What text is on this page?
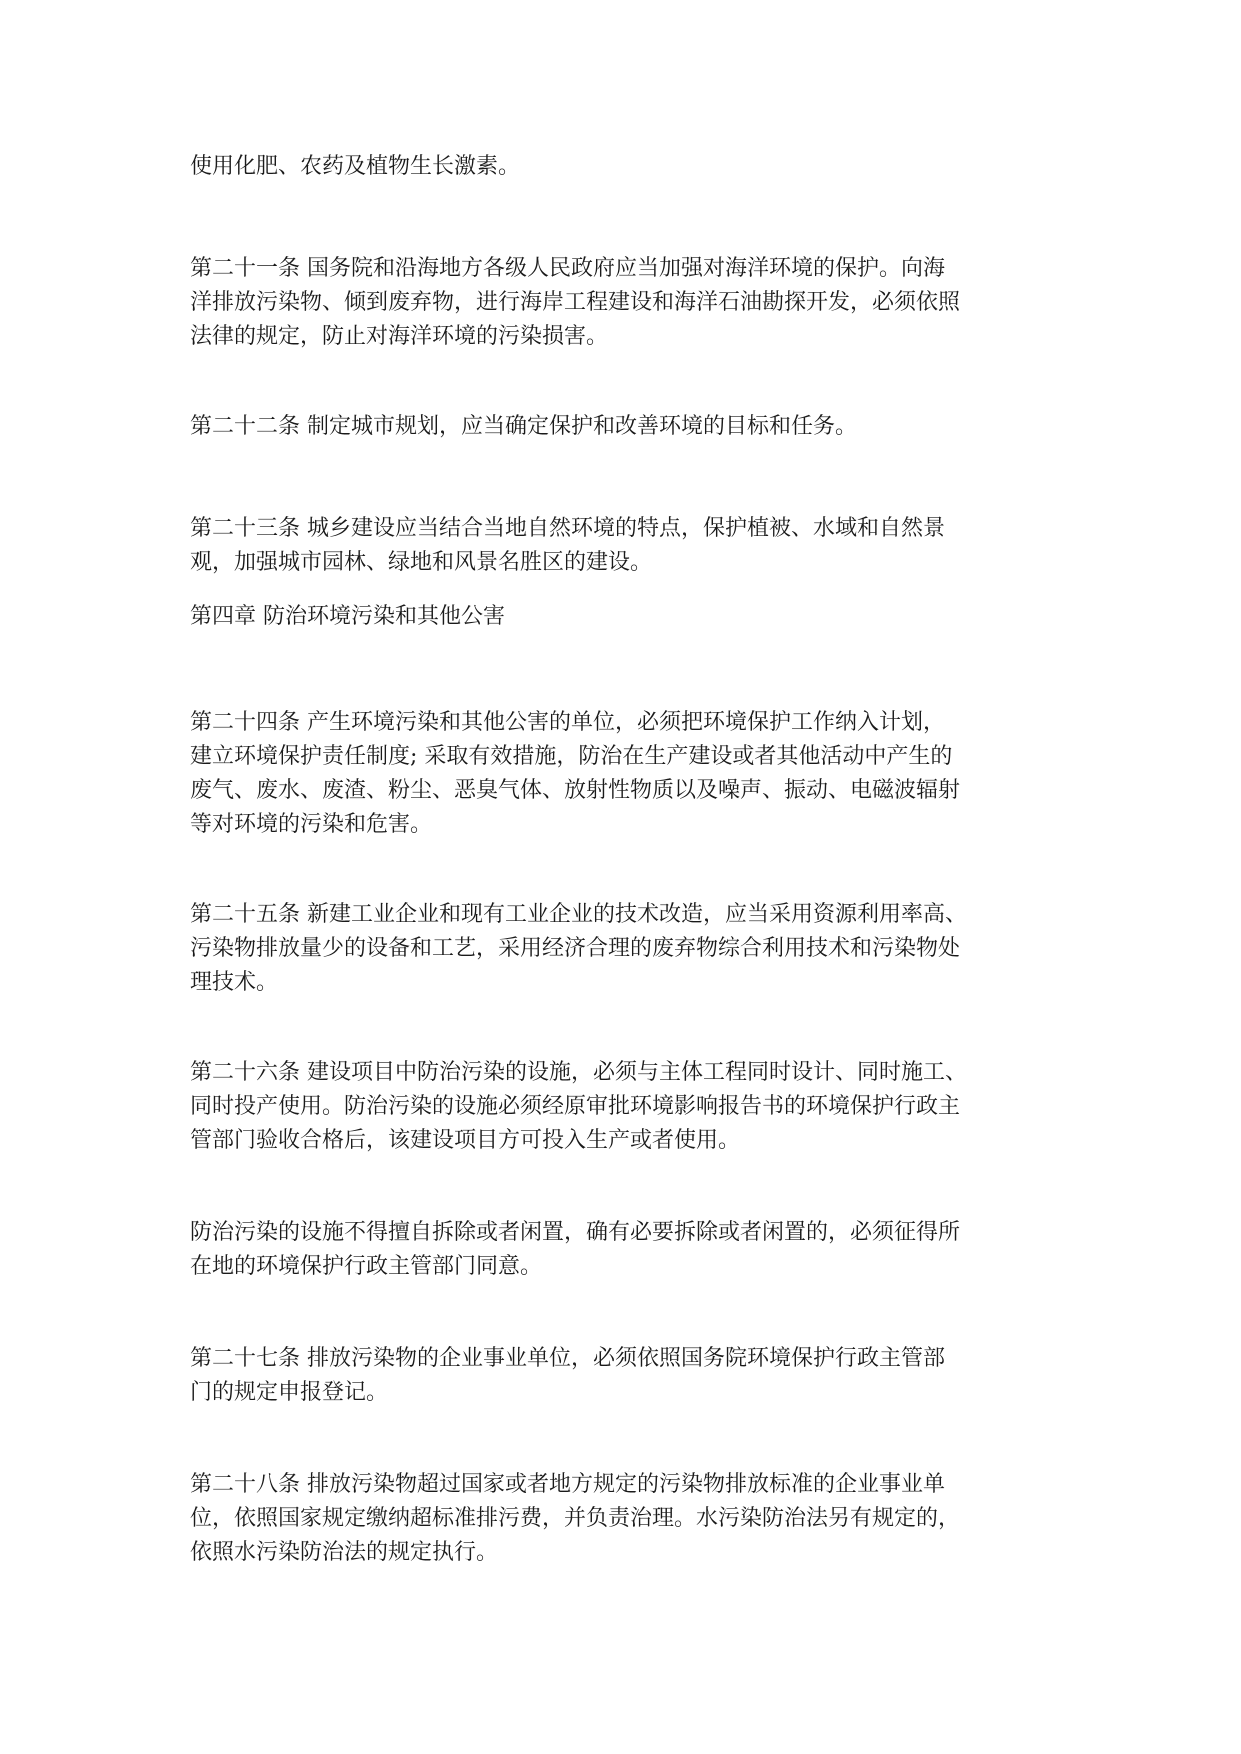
使用化肥、农药及植物生长激素。

第二十一条 国务院和沿海地方各级人民政府应当加强对海洋环境的保护。向海
洋排放污染物、倾到废弃物，进行海岸工程建设和海洋石油勘探开发，必须依照
法律的规定，防止对海洋环境的污染损害。

第二十二条 制定城市规划，应当确定保护和改善环境的目标和任务。

第二十三条 城乡建设应当结合当地自然环境的特点，保护植被、水域和自然景
观，加强城市园林、绿地和风景名胜区的建设。

第四章 防治环境污染和其他公害

第二十四条 产生环境污染和其他公害的单位，必须把环境保护工作纳入计划，
建立环境保护责任制度; 采取有效措施，防治在生产建设或者其他活动中产生的
废气、废水、废渣、粉尘、恶臭气体、放射性物质以及噪声、振动、电磁波辐射
等对环境的污染和危害。

第二十五条 新建工业企业和现有工业企业的技术改造，应当采用资源利用率高、
污染物排放量少的设备和工艺，采用经济合理的废弃物综合利用技术和污染物处
理技术。

第二十六条 建设项目中防治污染的设施，必须与主体工程同时设计、同时施工、
同时投产使用。防治污染的设施必须经原审批环境影响报告书的环境保护行政主
管部门验收合格后，该建设项目方可投入生产或者使用。

防治污染的设施不得擅自拆除或者闲置，确有必要拆除或者闲置的，必须征得所
在地的环境保护行政主管部门同意。

第二十七条 排放污染物的企业事业单位，必须依照国务院环境保护行政主管部
门的规定申报登记。

第二十八条 排放污染物超过国家或者地方规定的污染物排放标准的企业事业单
位，依照国家规定缴纳超标准排污费，并负责治理。水污染防治法另有规定的，
依照水污染防治法的规定执行。
